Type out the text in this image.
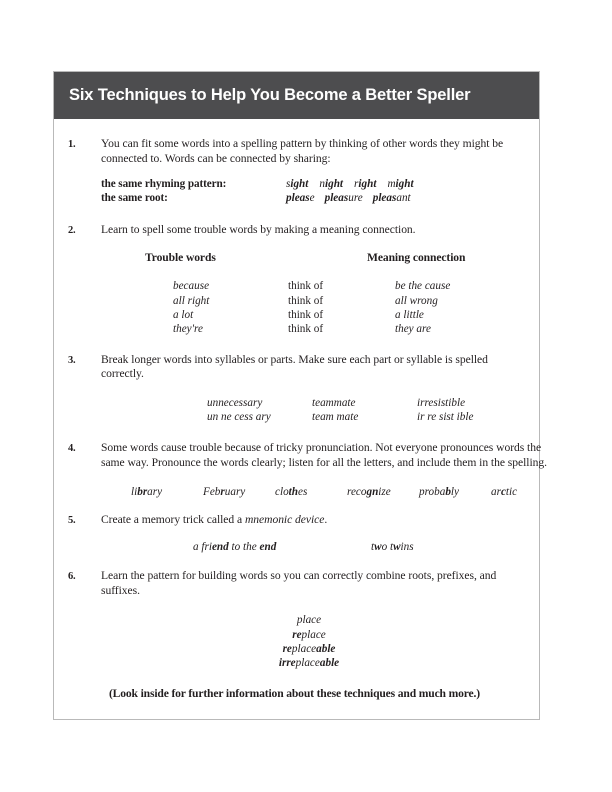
Six Techniques to Help You Become a Better Speller
1.	You can fit some words into a spelling pattern by thinking of other words they might be connected to. Words can be connected by sharing:
the same rhyming pattern:	sight night right might
the same root:	please pleasure pleasant
2.	Learn to spell some trouble words by making a meaning connection.
Trouble words	Meaning connection
because	think of	be the cause
all right	think of	all wrong
a lot	think of	a little
they're	think of	they are
3.	Break longer words into syllables or parts. Make sure each part or syllable is spelled correctly.
unnecessary	teammate	irresistible
un ne cess ary	team mate	ir re sist ible
4.	Some words cause trouble because of tricky pronunciation. Not everyone pronounces words the same way. Pronounce the words clearly; listen for all the letters, and include them in the spelling.
library	February	clothes	recognize	probably	arctic
5.	Create a memory trick called a mnemonic device.
a friend to the end	two twins
6.	Learn the pattern for building words so you can correctly combine roots, prefixes, and suffixes.
place
replace
replaceable
irreplaceable
(Look inside for further information about these techniques and much more.)
